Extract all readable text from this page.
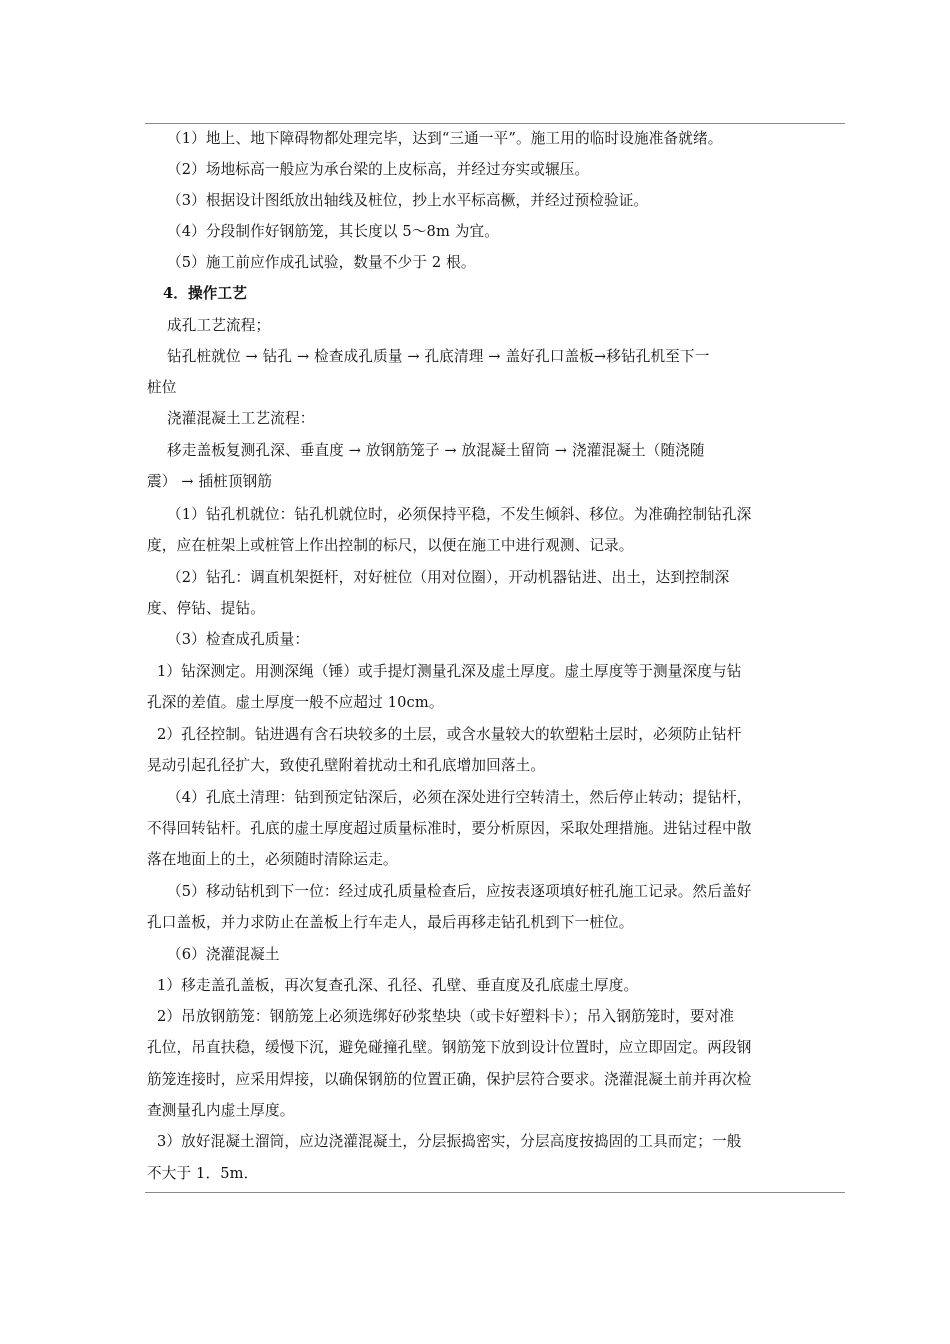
（1）地上、地下障碍物都处理完毕，达到“三通一平”。施工用的临时设施准备就绪。
（2）场地标高一般应为承台梁的上皮标高，并经过夯实或辗压。
（3）根据设计图纸放出轴线及桩位，抄上水平标高橛，并经过预检验证。
（4）分段制作好钢筋笼，其长度以 5～8m 为宜。
（5）施工前应作成孔试验，数量不少于 2 根。
4．操作工艺
成孔工艺流程；
钻孔桩就位 → 钻孔 → 检查成孔质量 → 孔底清理 → 盖好孔口盖板→移钻孔机至下一
桩位
浇灌混凝土工艺流程：
移走盖板复测孔深、垂直度 → 放钢筋笼子 → 放混凝土留筒 → 浇灌混凝土（随浇随
震） → 插桩顶钢筋
（1）钻孔机就位：钻孔机就位时，必须保持平稳，不发生倾斜、移位。为准确控制钻孔深
度，应在桩架上或桩管上作出控制的标尺，以便在施工中进行观测、记录。
（2）钻孔：调直机架挺杆，对好桩位（用对位圈），开动机器钻进、出土，达到控制深
度、停钻、提钻。
（3）检查成孔质量：
1）钻深测定。用测深绳（锤）或手提灯测量孔深及虚土厚度。虚土厚度等于测量深度与钻
孔深的差值。虚土厚度一般不应超过 10cm。
2）孔径控制。钻进遇有含石块较多的土层，或含水量较大的软塑粘土层时，必须防止钻杆
晃动引起孔径扩大，致使孔壁附着扰动土和孔底增加回落土。
（4）孔底土清理：钻到预定钻深后，必须在深处进行空转清土，然后停止转动；提钻杆，
不得回转钻杆。孔底的虚土厚度超过质量标准时，要分析原因，采取处理措施。进钻过程中散
落在地面上的土，必须随时清除运走。
（5）移动钻机到下一位：经过成孔质量检查后，应按表逐项填好桩孔施工记录。然后盖好
孔口盖板，并力求防止在盖板上行车走人，最后再移走钻孔机到下一桩位。
（6）浇灌混凝土
1）移走盖孔盖板，再次复查孔深、孔径、孔壁、垂直度及孔底虚土厚度。
2）吊放钢筋笼：钢筋笼上必须选绑好砂浆垫块（或卡好塑料卡）；吊入钢筋笼时，要对准
孔位，吊直扶稳，缓慢下沉，避免碰撞孔壁。钢筋笼下放到设计位置时，应立即固定。两段钢
筋笼连接时，应采用焊接，以确保钢筋的位置正确，保护层符合要求。浇灌混凝土前并再次检
查测量孔内虚土厚度。
3）放好混凝土溜筒，应边浇灌混凝土，分层振捣密实，分层高度按捣固的工具而定；一般
不大于 1．5m．
